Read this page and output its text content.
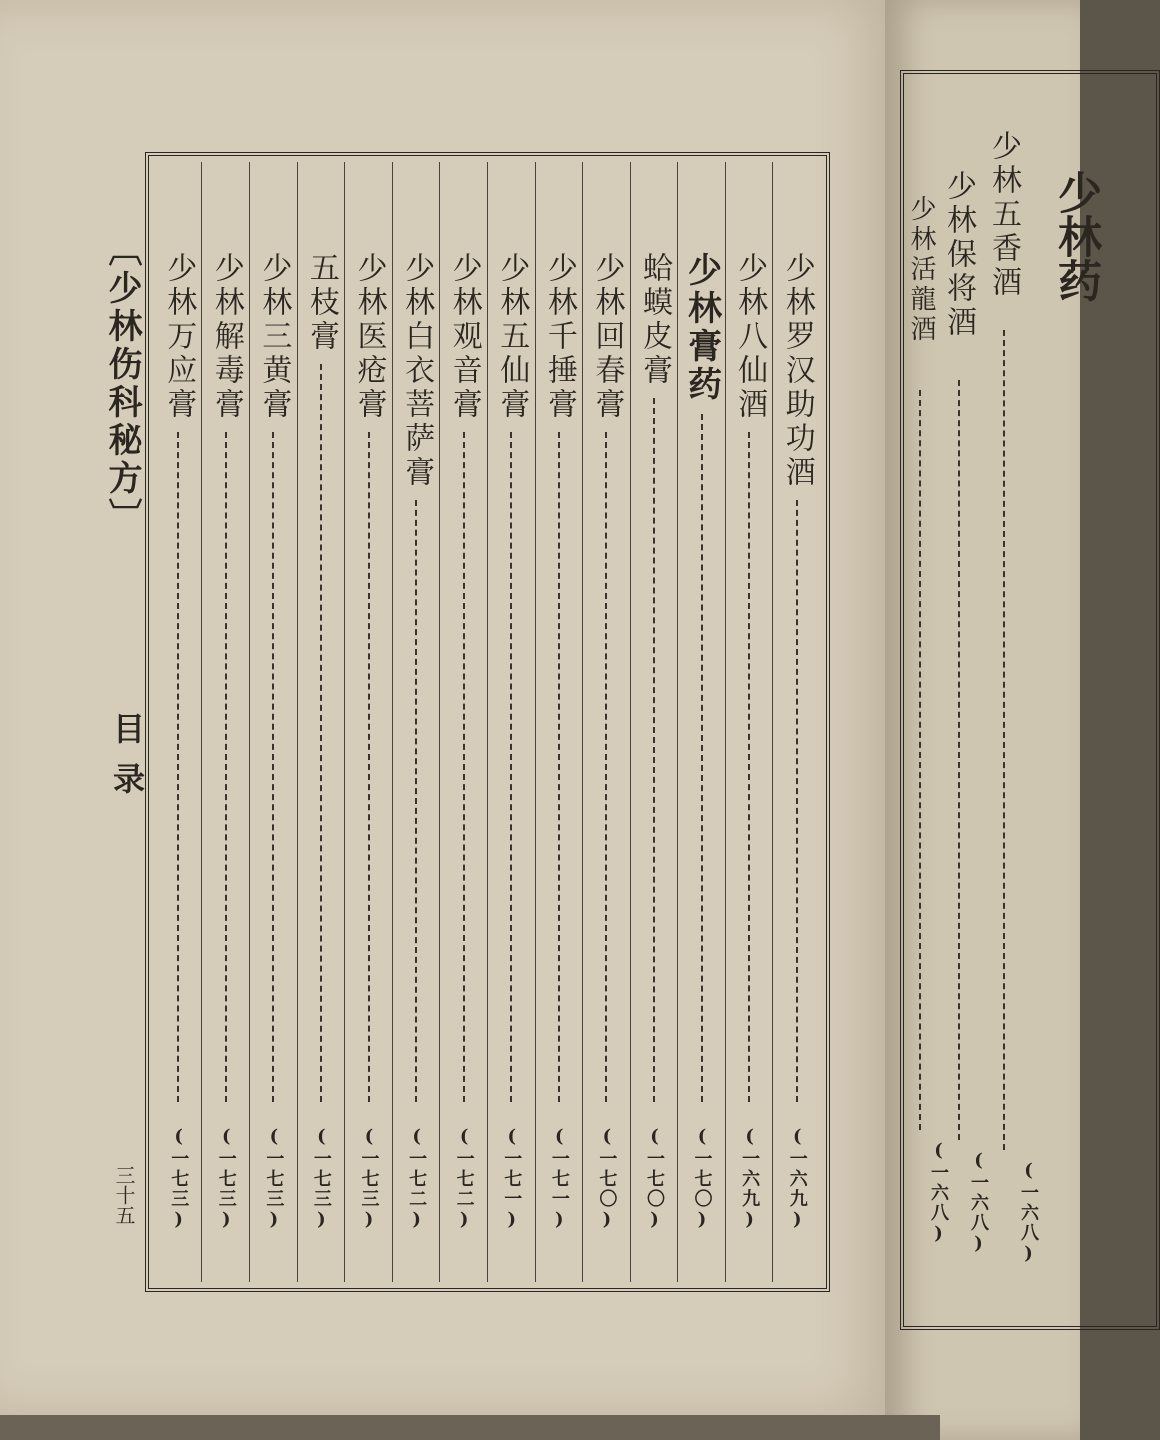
〔少林伤科秘方〕
目录
三十五
少林罗汉助功酒
(一六九)
少林八仙酒
(一六九)
少林膏药
(一七〇)
蛤蟆皮膏
(一七〇)
少林回春膏
(一七〇)
少林千捶膏
(一七一)
少林五仙膏
(一七一)
少林观音膏
(一七二)
少林白衣菩萨膏
(一七二)
少林医疮膏
(一七三)
五枝膏
(一七三)
少林三黄膏
(一七三)
少林解毒膏
(一七三)
少林万应膏
(一七三)
少林药
少林五香酒
(一六八)
少林保将酒
(一六八)
少林活龍酒
(一六八)
